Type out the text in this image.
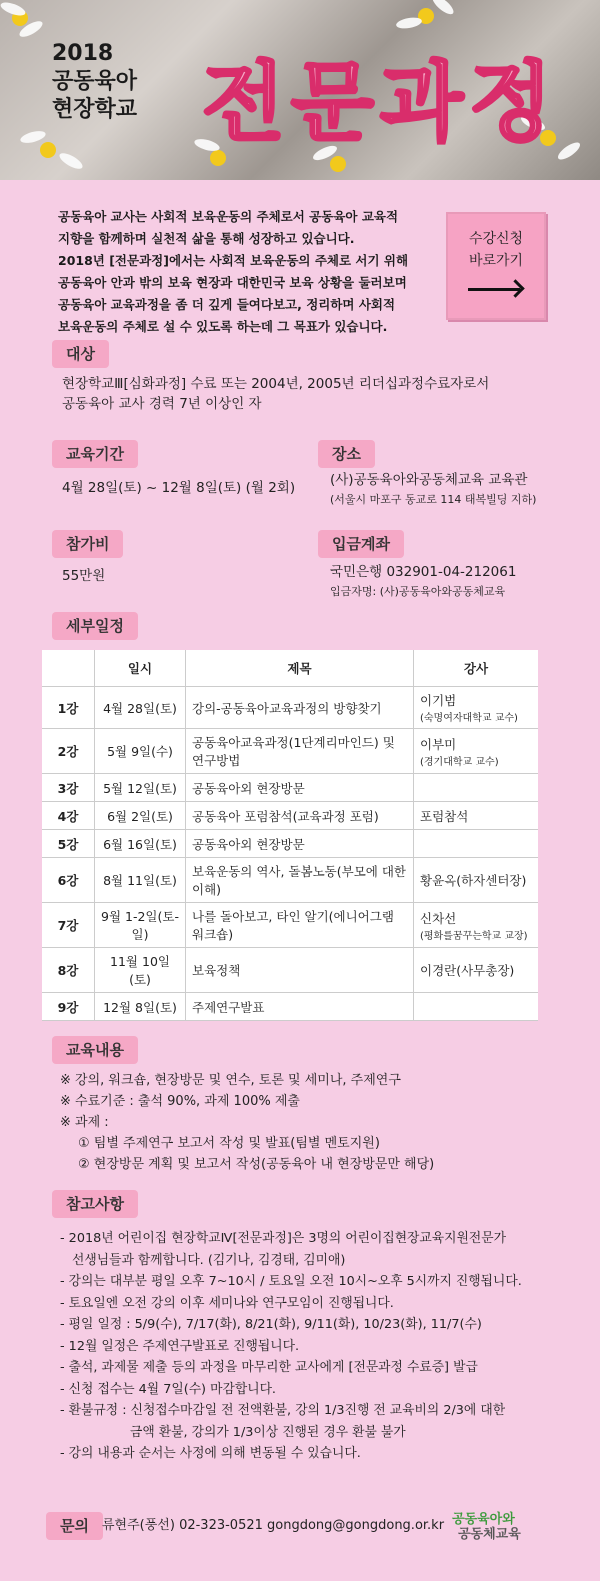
2018
공동육아
현장학교 전문과정
공동육아 교사는 사회적 보육운동의 주체로서 공동육아 교육적
지향을 함께하며 실천적 삶을 통해 성장하고 있습니다.
2018년 [전문과정]에서는 사회적 보육운동의 주체로 서기 위해
공동육아 안과 밖의 보육 현장과 대한민국 보육 상황을 둘러보며
공동육아 교육과정을 좀 더 깊게 들여다보고, 정리하며 사회적
보육운동의 주체로 설 수 있도록 하는데 그 목표가 있습니다.
수강신청
바로가기
대상
현장학교Ⅲ[심화과정] 수료 또는 2004년, 2005년 리더십과정수료자로서
공동육아 교사 경력 7년 이상인 자
교육기간
4월 28일(토) ~ 12월 8일(토) (월 2회)
장소
(사)공동육아와공동체교육 교육관
(서울시 마포구 동교로 114 태복빌딩 지하)
참가비
55만원
입금계좌
국민은행 032901-04-212061
입금자명: (사)공동육아와공동체교육
세부일정
	일시	제목	강사
1강	4월 28일(토)	강의-공동육아교육과정의 방향찾기	이기범
(숙명여자대학교 교수)

2강	5월 9일(수)	공동육아교육과정(1단계리마인드) 및 연구방법	이부미
(경기대학교 교수)

3강	5월 12일(토)	공동육아외 현장방문	
4강	6월 2일(토)	공동육아 포럼참석(교육과정 포럼)	포럼참석
5강	6월 16일(토)	공동육아외 현장방문	
6강	8월 11일(토)	보육운동의 역사, 돌봄노동(부모에 대한 이해)	황윤옥(하자센터장)
7강	9월 1-2일(토-일)	나를 돌아보고, 타인 알기(에니어그램 워크숍)	신차선
(평화를꿈꾸는학교 교장)

8강	11월 10일(토)	보육정책	이경란(사무총장)
9강	12월 8일(토)	주제연구발표	
교육내용
※ 강의, 워크숍, 현장방문 및 연수, 토론 및 세미나, 주제연구
※ 수료기준 : 출석 90%, 과제 100% 제출
※ 과제 :
① 팀별 주제연구 보고서 작성 및 발표(팀별 멘토지원)
② 현장방문 계획 및 보고서 작성(공동육아 내 현장방문만 해당)
참고사항
- 2018년 어린이집 현장학교Ⅳ[전문과정]은 3명의 어린이집현장교육지원전문가
선생님들과 함께합니다. (김기나, 김경태, 김미애)
- 강의는 대부분 평일 오후 7~10시 / 토요일 오전 10시~오후 5시까지 진행됩니다.
- 토요일엔 오전 강의 이후 세미나와 연구모임이 진행됩니다.
- 평일 일정 : 5/9(수), 7/17(화), 8/21(화), 9/11(화), 10/23(화), 11/7(수)
- 12월 일정은 주제연구발표로 진행됩니다.
- 출석, 과제물 제출 등의 과정을 마무리한 교사에게 [전문과정 수료증] 발급
- 신청 접수는 4월 7일(수) 마감합니다.
- 환불규정 : 신청접수마감일 전 전액환불, 강의 1/3진행 전 교육비의 2/3에 대한
금액 환불, 강의가 1/3이상 진행된 경우 환불 불가
- 강의 내용과 순서는 사정에 의해 변동될 수 있습니다.
문의	류현주(풍선) 02-323-0521 gongdong@gongdong.or.kr 공동육아와
공동체교육
